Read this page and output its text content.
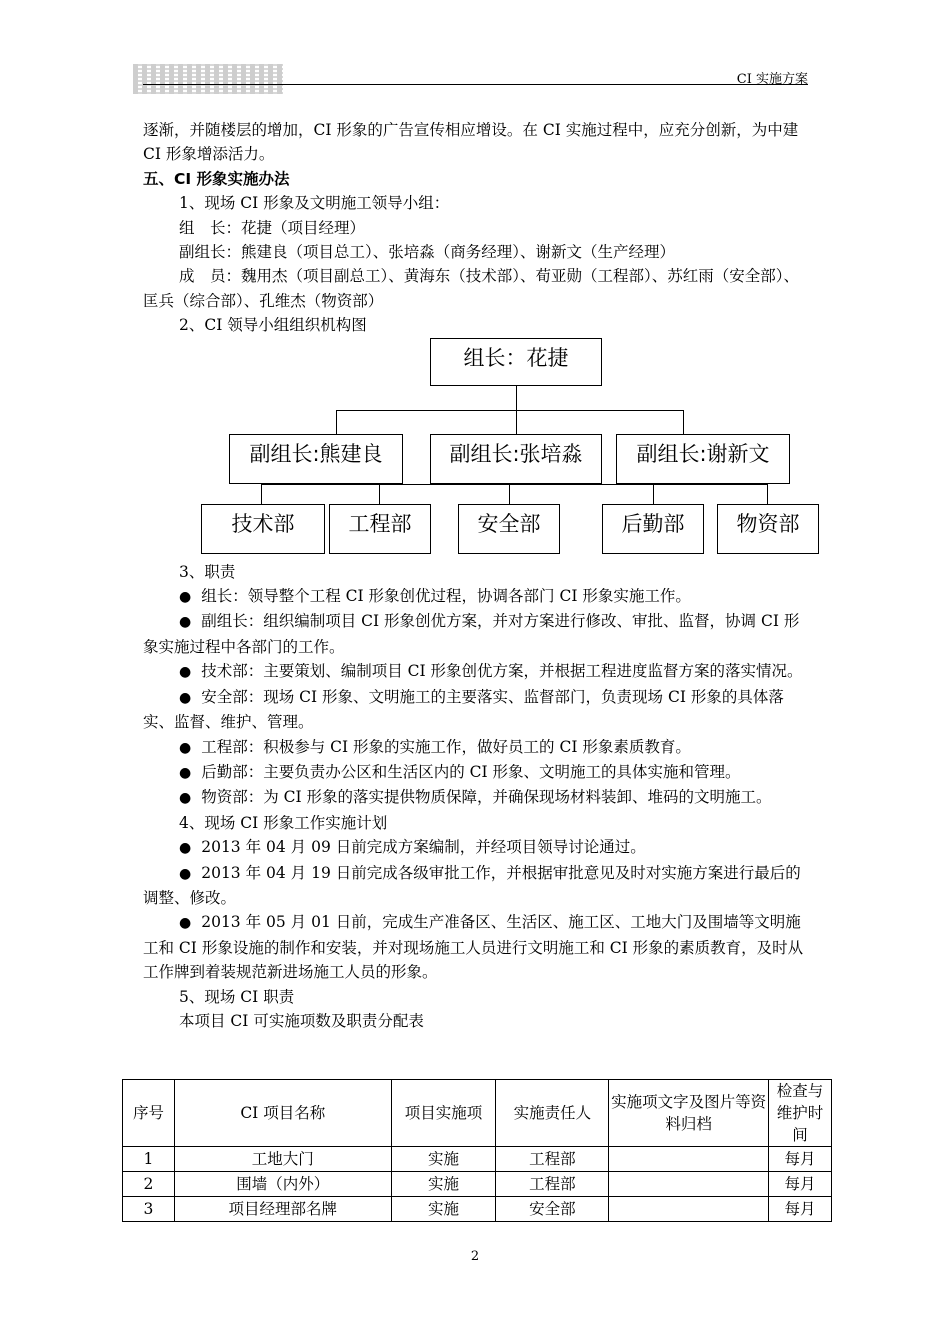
CI 实施方案

逐渐，并随楼层的增加，CI 形象的广告宣传相应增设。在 CI 实施过程中，应充分创新，为中建 CI 形象增添活力。

五、CI 形象实施办法

1、现场 CI 形象及文明施工领导小组：

组　长：花捷（项目经理）

副组长：熊建良（项目总工）、张培淼（商务经理）、谢新文（生产经理）

成　员：魏用杰（项目副总工）、黄海东（技术部）、荀亚勋（工程部）、苏红雨（安全部）、匡兵（综合部）、孔维杰（物资部）

2、CI 领导小组组织机构图

组长：花捷
副组长:熊建良	副组长:张培淼	副组长:谢新文
技术部	工程部	安全部	后勤部	物资部

3、职责

● 组长：领导整个工程 CI 形象创优过程，协调各部门 CI 形象实施工作。

● 副组长：组织编制项目 CI 形象创优方案，并对方案进行修改、审批、监督，协调 CI 形象实施过程中各部门的工作。

● 技术部：主要策划、编制项目 CI 形象创优方案，并根据工程进度监督方案的落实情况。

● 安全部：现场 CI 形象、文明施工的主要落实、监督部门，负责现场 CI 形象的具体落实、监督、维护、管理。

● 工程部：积极参与 CI 形象的实施工作，做好员工的 CI 形象素质教育。

● 后勤部：主要负责办公区和生活区内的 CI 形象、文明施工的具体实施和管理。

● 物资部：为 CI 形象的落实提供物质保障，并确保现场材料装卸、堆码的文明施工。

4、现场 CI 形象工作实施计划

● 2013 年 04 月 09 日前完成方案编制，并经项目领导讨论通过。

● 2013 年 04 月 19 日前完成各级审批工作，并根据审批意见及时对实施方案进行最后的调整、修改。

● 2013 年 05 月 01 日前，完成生产准备区、生活区、施工区、工地大门及围墙等文明施工和 CI 形象设施的制作和安装，并对现场施工人员进行文明施工和 CI 形象的素质教育，及时从工作牌到着装规范新进场施工人员的形象。

5、现场 CI 职责

本项目 CI 可实施项数及职责分配表

序号	CI 项目名称	项目实施项	实施责任人	实施项文字及图片等资料归档	检查与维护时间
1	工地大门	实施	工程部		每月
2	围墙（内外）	实施	工程部		每月
3	项目经理部名牌	实施	安全部		每月
2
